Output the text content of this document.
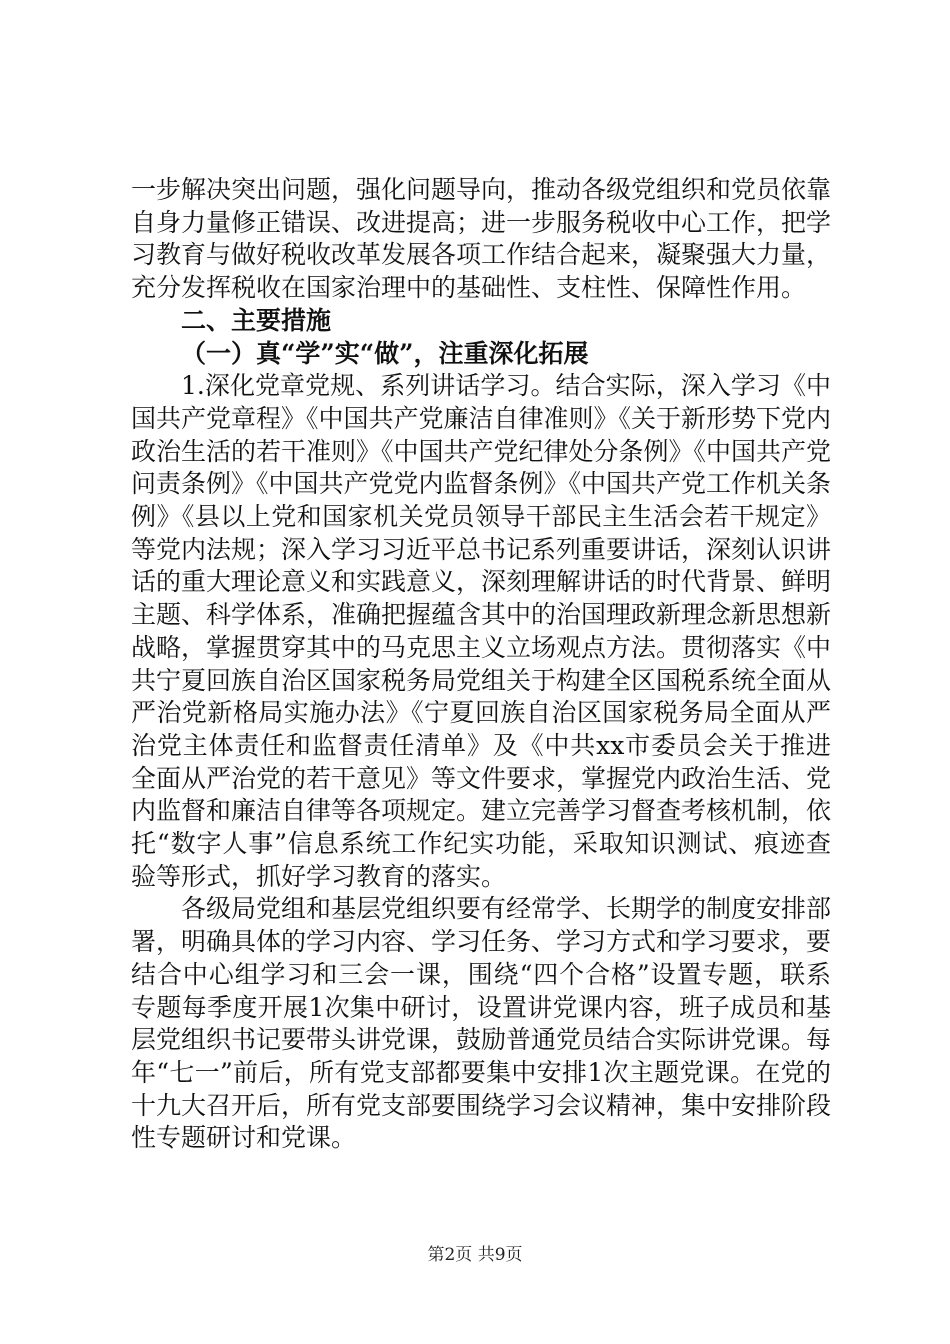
一步解决突出问题，强化问题导向，推动各级党组织和党员依靠自身力量修正错误、改进提高；进一步服务税收中心工作，把学习教育与做好税收改革发展各项工作结合起来，凝聚强大力量，充分发挥税收在国家治理中的基础性、支柱性、保障性作用。

二、主要措施

（一）真“学”实“做”，注重深化拓展

1.深化党章党规、系列讲话学习。结合实际，深入学习《中国共产党章程》《中国共产党廉洁自律准则》《关于新形势下党内政治生活的若干准则》《中国共产党纪律处分条例》《中国共产党问责条例》《中国共产党党内监督条例》《中国共产党工作机关条例》《县以上党和国家机关党员领导干部民主生活会若干规定》等党内法规；深入学习习近平总书记系列重要讲话，深刻认识讲话的重大理论意义和实践意义，深刻理解讲话的时代背景、鲜明主题、科学体系，准确把握蕴含其中的治国理政新理念新思想新战略，掌握贯穿其中的马克思主义立场观点方法。贯彻落实《中共宁夏回族自治区国家税务局党组关于构建全区国税系统全面从严治党新格局实施办法》《宁夏回族自治区国家税务局全面从严治党主体责任和监督责任清单》及《中共xx市委员会关于推进全面从严治党的若干意见》等文件要求，掌握党内政治生活、党内监督和廉洁自律等各项规定。建立完善学习督查考核机制，依托“数字人事”信息系统工作纪实功能，采取知识测试、痕迹查验等形式，抓好学习教育的落实。

各级局党组和基层党组织要有经常学、长期学的制度安排部署，明确具体的学习内容、学习任务、学习方式和学习要求，要结合中心组学习和三会一课，围绕“四个合格”设置专题，联系专题每季度开展1次集中研讨，设置讲党课内容，班子成员和基层党组织书记要带头讲党课，鼓励普通党员结合实际讲党课。每年“七一”前后，所有党支部都要集中安排1次主题党课。在党的十九大召开后，所有党支部要围绕学习会议精神，集中安排阶段性专题研讨和党课。

第2页 共9页
